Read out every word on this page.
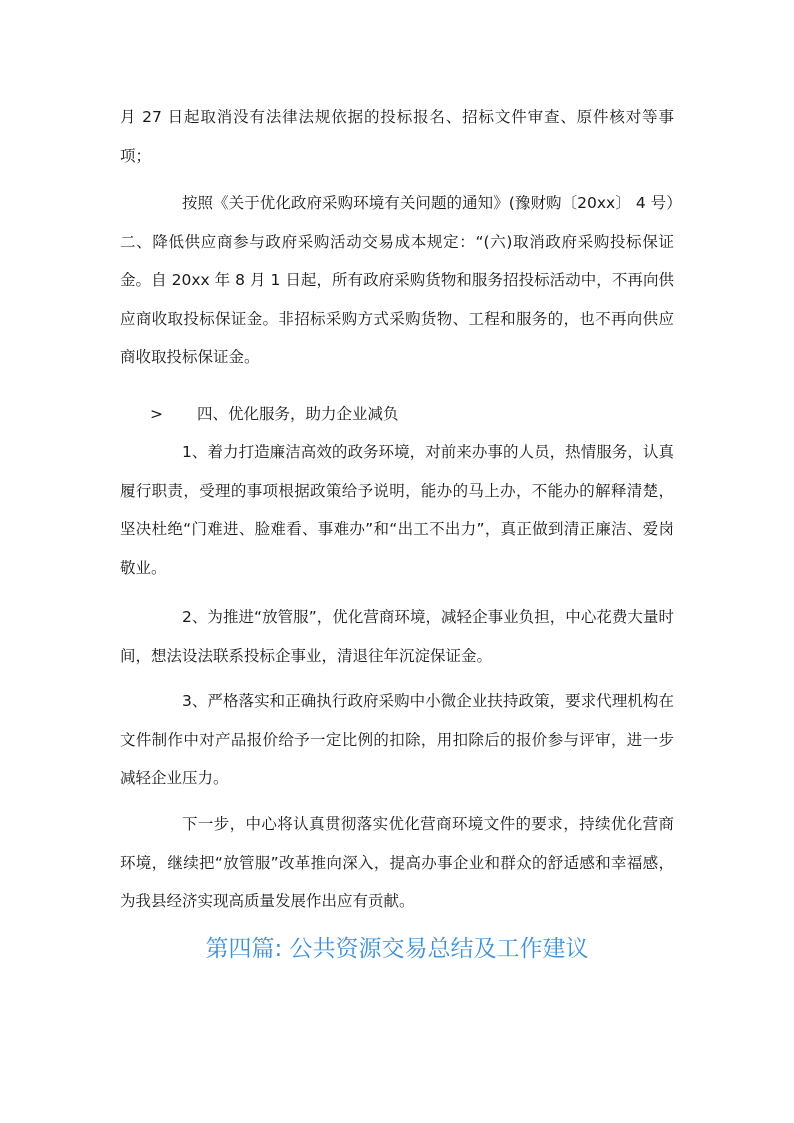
月 27 日起取消没有法律法规依据的投标报名、招标文件审查、原件核对等事项；

按照《关于优化政府采购环境有关问题的通知》(豫财购〔20xx〕 4 号）二、降低供应商参与政府采购活动交易成本规定：“(六)取消政府采购投标保证金。自 20xx 年 8 月 1 日起，所有政府采购货物和服务招投标活动中，不再向供应商收取投标保证金。非招标采购方式采购货物、工程和服务的，也不再向供应商收取投标保证金。

> 四、优化服务，助力企业减负

1、着力打造廉洁高效的政务环境，对前来办事的人员，热情服务，认真履行职责，受理的事项根据政策给予说明，能办的马上办，不能办的解释清楚，坚决杜绝“门难进、脸难看、事难办”和“出工不出力”，真正做到清正廉洁、爱岗敬业。

2、为推进“放管服”，优化营商环境，减轻企事业负担，中心花费大量时间，想法设法联系投标企事业，清退往年沉淀保证金。

3、严格落实和正确执行政府采购中小微企业扶持政策，要求代理机构在文件制作中对产品报价给予一定比例的扣除，用扣除后的报价参与评审，进一步减轻企业压力。

下一步，中心将认真贯彻落实优化营商环境文件的要求，持续优化营商环境，继续把“放管服”改革推向深入，提高办事企业和群众的舒适感和幸福感，为我县经济实现高质量发展作出应有贡献。

第四篇: 公共资源交易总结及工作建议
